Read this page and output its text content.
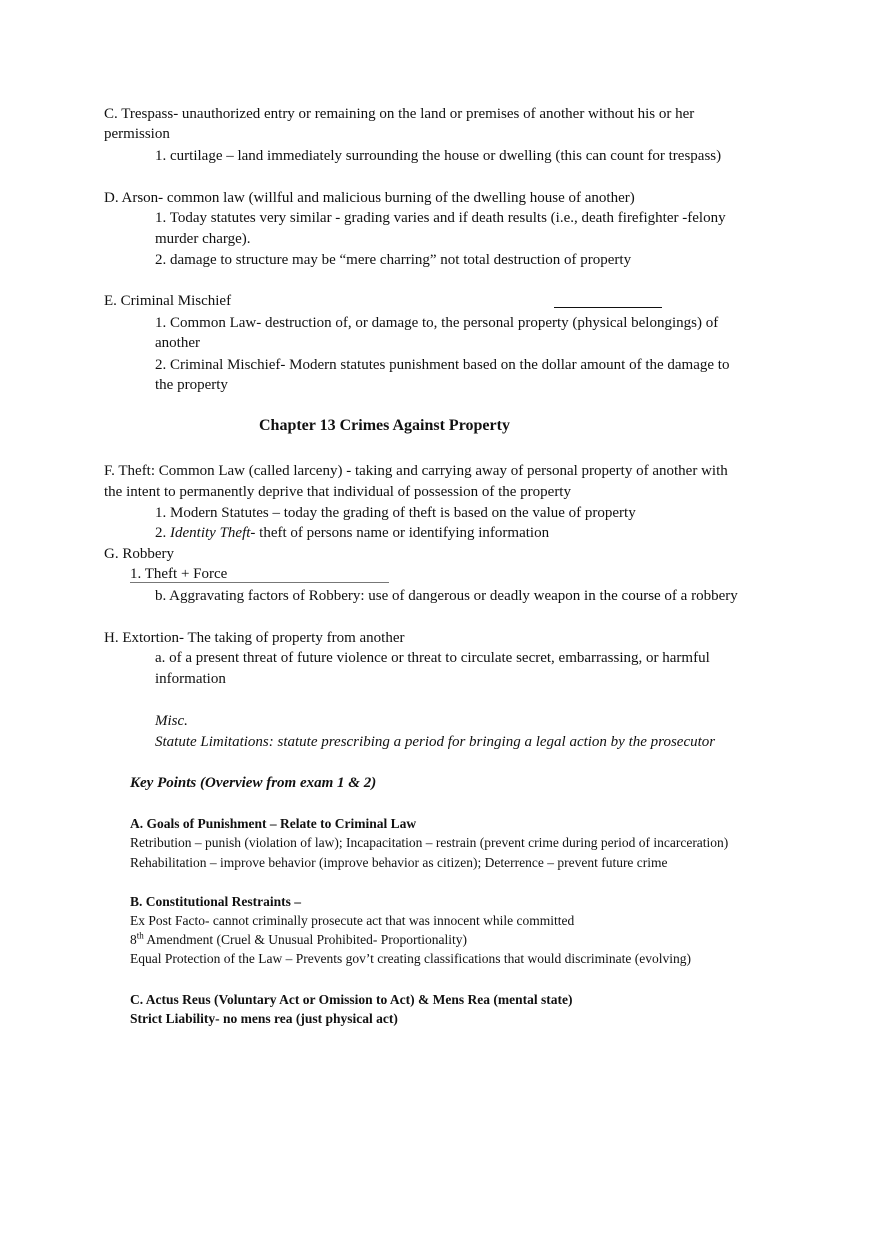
C. Trespass- unauthorized entry or remaining on the land or premises of another without his or her
permission
1. curtilage – land immediately surrounding the house or dwelling (this can count for trespass)
D. Arson- common law (willful and malicious burning of the dwelling house of another)
1. Today statutes very similar - grading varies and if death results (i.e., death firefighter -felony
murder charge).
2. damage to structure may be “mere charring” not total destruction of property
E. Criminal Mischief
1. Common Law- destruction of, or damage to, the personal property (physical belongings) of
another
2. Criminal Mischief- Modern statutes punishment based on the dollar amount of the damage to
the property
Chapter 13 Crimes Against Property
F. Theft: Common Law (called larceny) - taking and carrying away of personal property of another with
the intent to permanently deprive that individual of possession of the property
1. Modern Statutes – today the grading of theft is based on the value of property
2. Identity Theft- theft of persons name or identifying information
G. Robbery
1. Theft + Force
b. Aggravating factors of Robbery: use of dangerous or deadly weapon in the course of a robbery
H. Extortion- The taking of property from another
a. of a present threat of future violence or threat to circulate secret, embarrassing, or harmful
information
Misc.
Statute Limitations: statute prescribing a period for bringing a legal action by the prosecutor
Key Points (Overview from exam 1 & 2)
A. Goals of Punishment – Relate to Criminal Law
Retribution – punish (violation of law); Incapacitation – restrain (prevent crime during period of incarceration)
Rehabilitation – improve behavior (improve behavior as citizen); Deterrence – prevent future crime
B. Constitutional Restraints –
Ex Post Facto- cannot criminally prosecute act that was innocent while committed
8th Amendment (Cruel & Unusual Prohibited- Proportionality)
Equal Protection of the Law – Prevents gov’t creating classifications that would discriminate (evolving)
C. Actus Reus (Voluntary Act or Omission to Act) & Mens Rea (mental state)
Strict Liability- no mens rea (just physical act)
